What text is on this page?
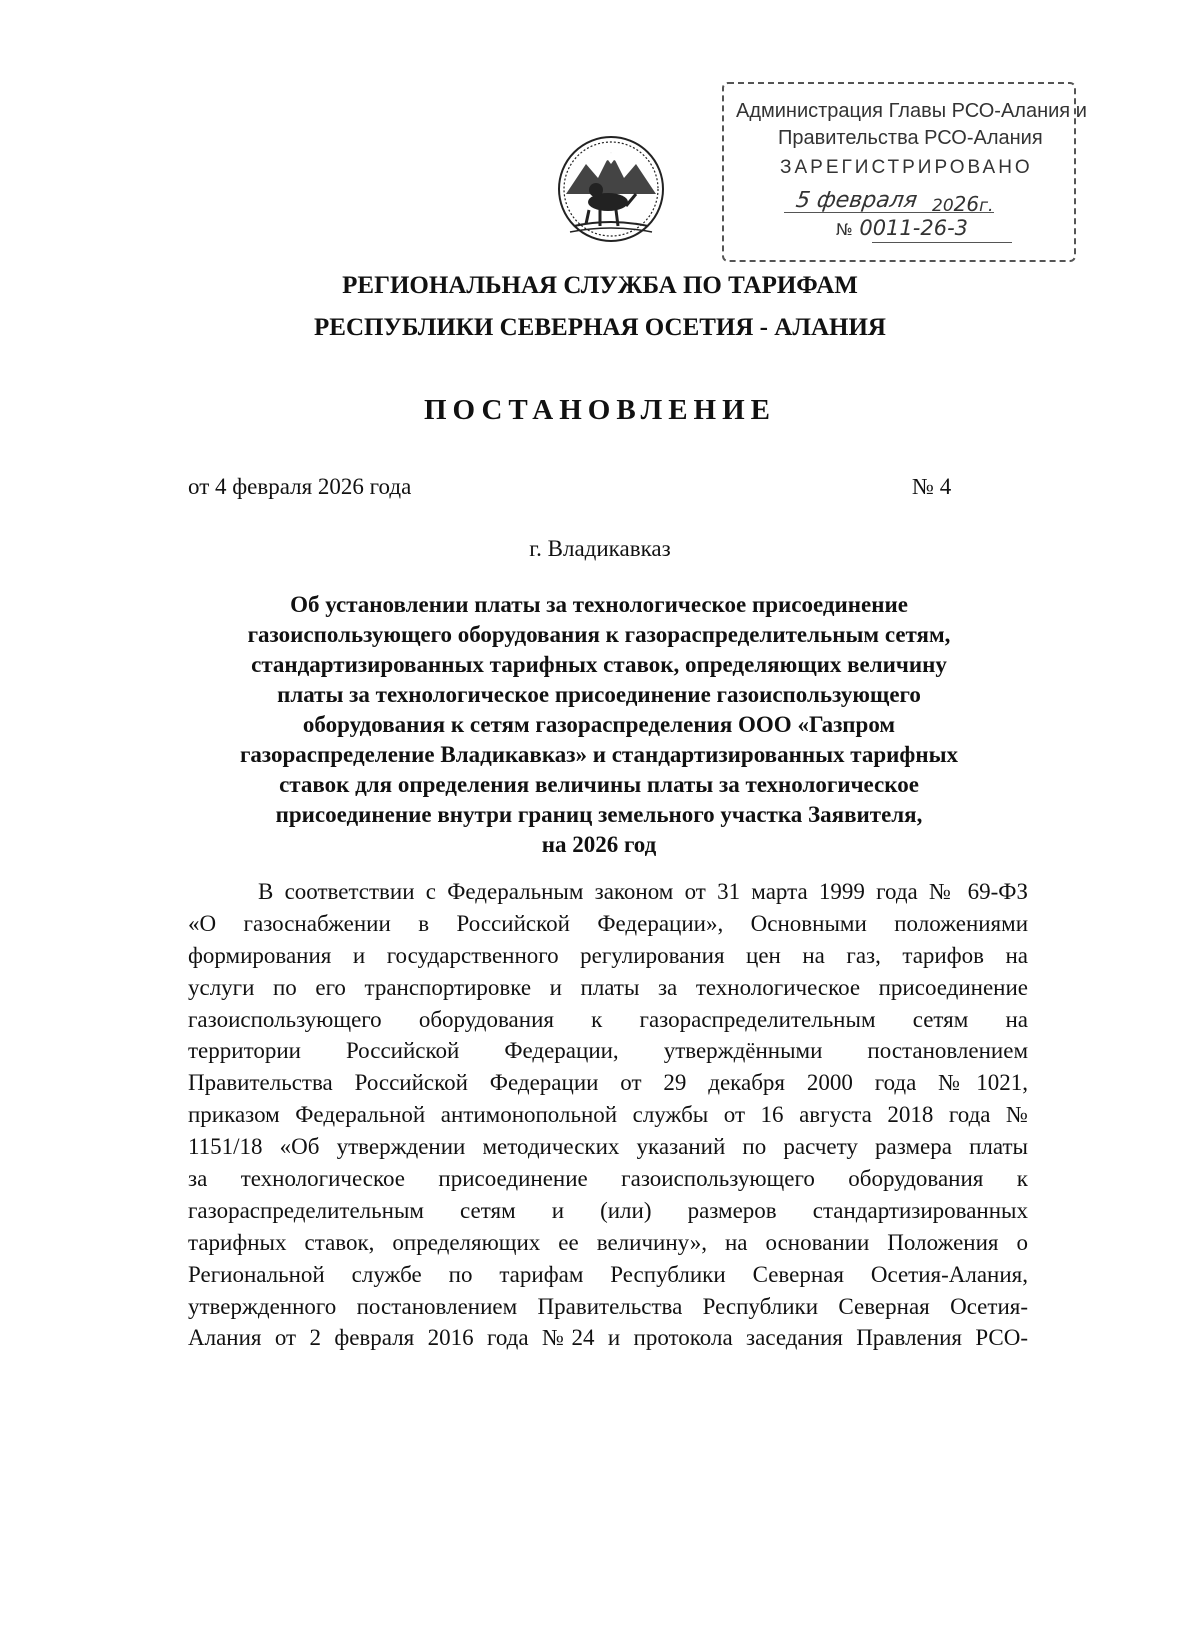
Администрация Главы РСО-Алания и
Правительства РСО-Алания
ЗАРЕГИСТРИРОВАНО
5 февраля 2026г.
№ 0011-26-3
РЕГИОНАЛЬНАЯ СЛУЖБА ПО ТАРИФАМ
РЕСПУБЛИКИ СЕВЕРНАЯ ОСЕТИЯ - АЛАНИЯ
ПОСТАНОВЛЕНИЕ
от 4 февраля 2026 года	№ 4
г. Владикавказ
Об установлении платы за технологическое присоединение
газоиспользующего оборудования к газораспределительным сетям,
стандартизированных тарифных ставок, определяющих величину
платы за технологическое присоединение газоиспользующего
оборудования к сетям газораспределения ООО «Газпром
газораспределение Владикавказ» и стандартизированных тарифных
ставок для определения величины платы за технологическое
присоединение внутри границ земельного участка Заявителя,
на 2026 год
В соответствии с Федеральным законом от 31 марта 1999 года № 69-ФЗ
«О газоснабжении в Российской Федерации», Основными положениями
формирования и государственного регулирования цен на газ, тарифов на
услуги по его транспортировке и платы за технологическое присоединение
газоиспользующего оборудования к газораспределительным сетям на
территории Российской Федерации, утверждёнными постановлением
Правительства Российской Федерации от 29 декабря 2000 года №1021,
приказом Федеральной антимонопольной службы от 16 августа 2018 года №
1151/18 «Об утверждении методических указаний по расчету размера платы
за технологическое присоединение газоиспользующего оборудования к
газораспределительным сетям и (или) размеров стандартизированных
тарифных ставок, определяющих ее величину», на основании Положения о
Региональной службе по тарифам Республики Северная Осетия-Алания,
утвержденного постановлением Правительства Республики Северная Осетия-
Алания от 2 февраля 2016 года №24 и протокола заседания Правления РСО-
